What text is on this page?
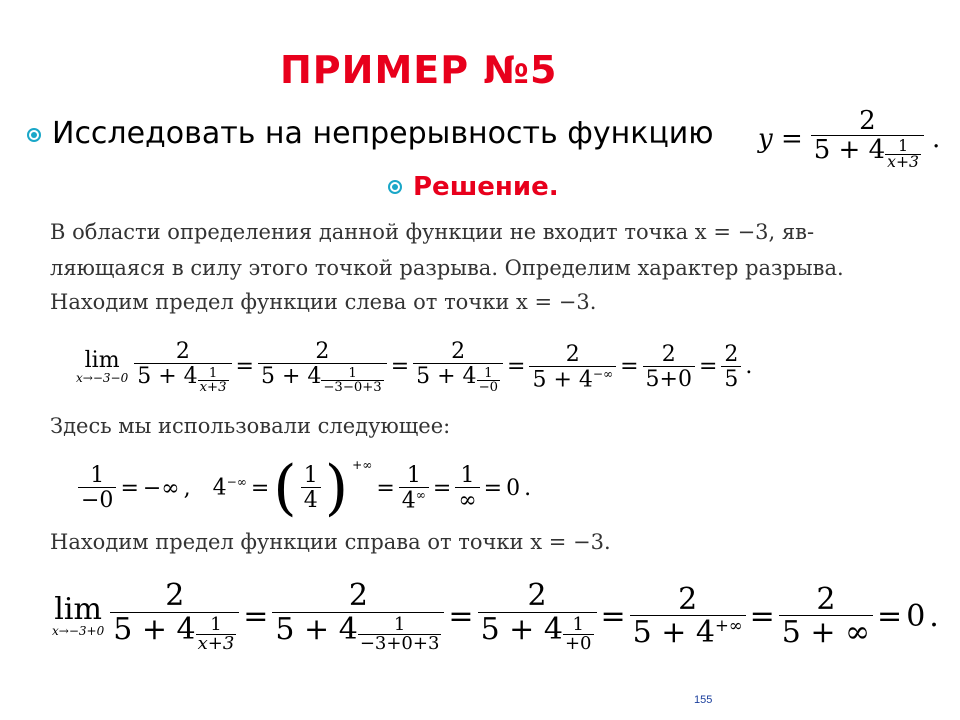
ПРИМЕР №5
Исследовать на непрерывность функцию $y = \frac{2}{5 + 4 \frac{1}{x+3}}$ .
Решение.
В области определения данной функции не входит точка x = −3, яв-
ляющаяся в силу этого точкой разрыва. Определим характер разрыва.
Находим предел функции слева от точки x = −3.
lim
$x\to-3-0 \frac{2}{5 + 4 \frac{1}{x+3}} = \frac{2}{5 + 4 \frac{1}{-3-0+3}} = \frac{2}{5 + 4 \frac{1}{-0}} = \frac{2}{5 + 4^{-\infty}} = \frac{2}{5+0} = \frac{2}{5}$ .
Здесь мы использовали следующее:
$\frac{1}{-0}$ = −∞ , 4−∞ = ( 1
4 ) +∞
= $\frac{1}{4^\infty}$ =
1
∞ = 0 .
Находим предел функции справа от точки x = −3.
lim
$x\to-3+0 \frac{2}{5 + 4 \frac{1}{x+3}} = \frac{2}{5 + 4 \frac{1}{-3+0+3}} = \frac{2}{5 + 4 \frac{1}{+0}} = \frac{2}{5 + 4^{+\infty}} = \frac{2}{5 + \infty} = 0$ .
155
